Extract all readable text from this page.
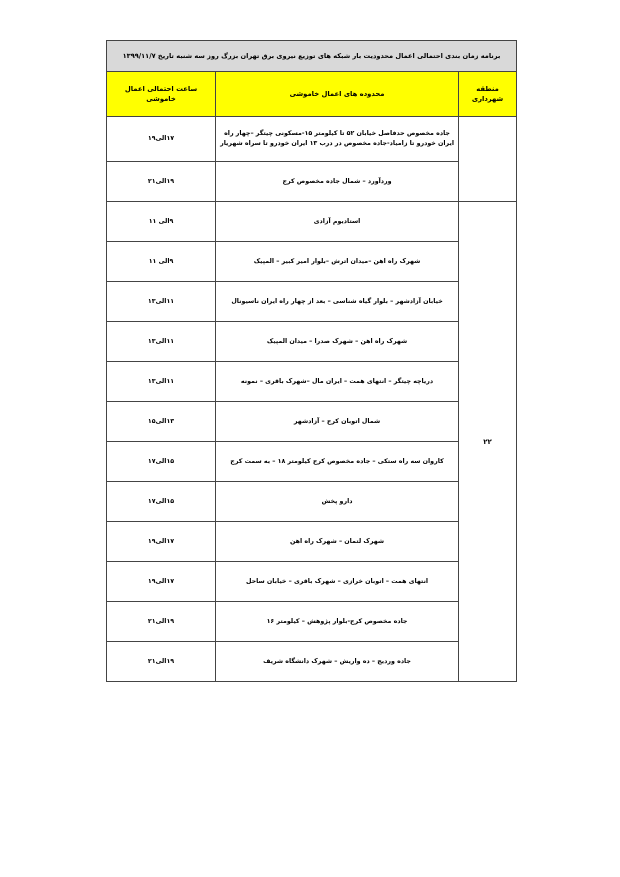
برنامه زمان بندی احتمالی اعمال محدودیت بار شبکه های توزیع نیروی برق تهران بزرگ روز سه شنبه تاریخ ۱۳۹۹/۱۱/۷		
منطقه شهرداری	محدوده های اعمال خاموشی	ساعت احتمالی اعمال خاموشی
	جاده مخصوص حدفاصل خیابان ۵۲ تا کیلومتر ۱۵-مسکونی چیتگر –چهار راه ایران خودرو تا زامیاد-جاده مخصوص در درب ۱۳ ایران خودرو تا سراه شهریار	۱۷الی۱۹
	وردآورد – شمال جاده مخصوص کرج	۱۹الی۲۱
۲۲	استادیوم آزادی	۹الی ۱۱
	شهرک راه اهن –میدان اترش –بلوار امیر کبیر – المپیک	۹الی ۱۱
	خیابان آزادشهر – بلوار گیاه شناسی – بعد از چهار راه ایران ناسیونال	۱۱الی۱۳
	شهرک راه اهن – شهرک صدرا – میدان المپیک	۱۱الی۱۳
	دریاچه چیتگر – انتهای همت – ایران مال –شهرک باقری – نمونه	۱۱الی۱۳
	شمال اتوبان کرج – آزادشهر	۱۳الی۱۵
	کاروان سه راه ستکی – جاده مخصوص کرج کیلومتر ۱۸ – به سمت کرج	۱۵الی۱۷
	دارو پخش	۱۵الی۱۷
	شهرک لتمان – شهرک راه اهن	۱۷الی۱۹
	انتهای همت – اتوبان خرازی – شهرک باقری – خیابان ساحل	۱۷الی۱۹
	جاده مخصوص کرج-بلوار پژوهش – کیلومتر ۱۶	۱۹الی۲۱
	جاده وردیج – ده واریش – شهرک دانشگاه شریف	۱۹الی۲۱
